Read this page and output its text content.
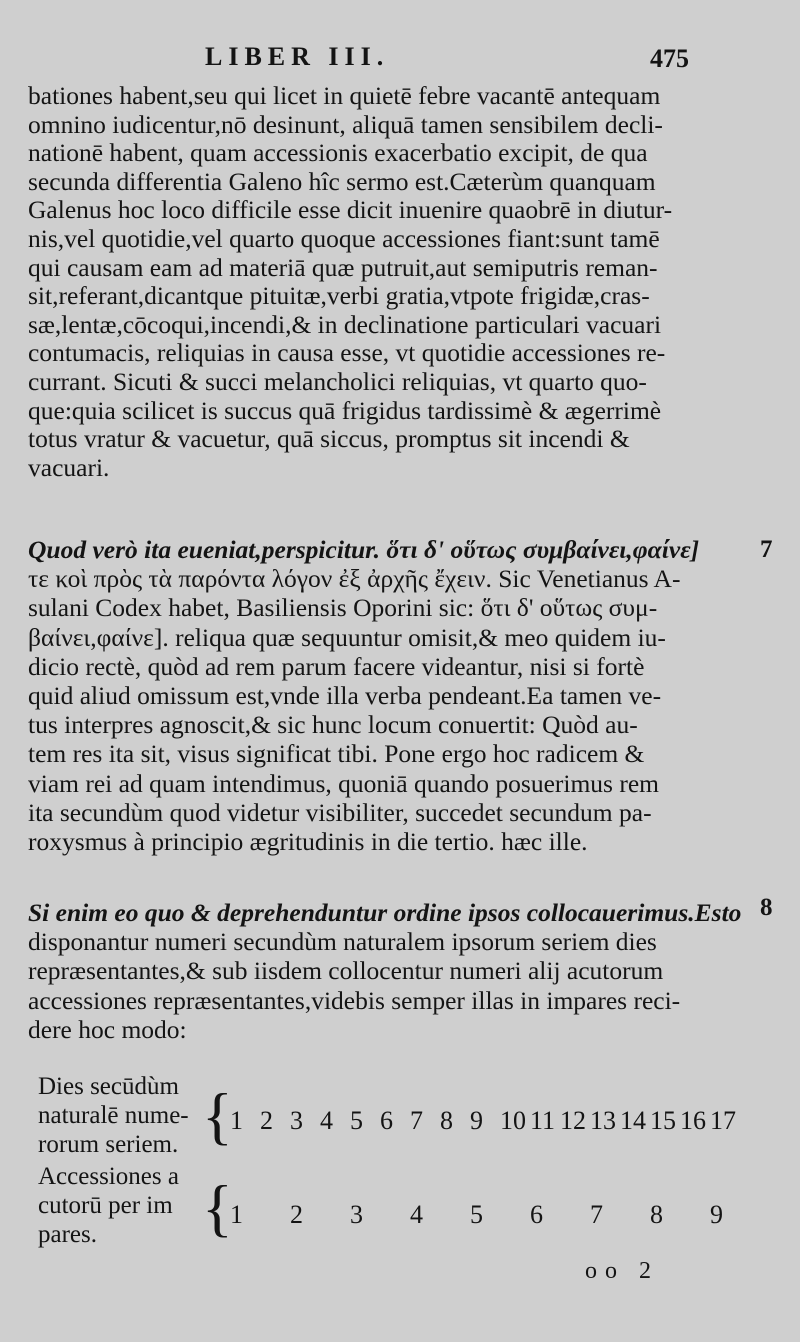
LIBER III.	475
bationes habent,seu qui licet in quietē febre vacantē antequam
omnino iudicentur,nō desinunt, aliquā tamen sensibilem decli-
nationē habent, quam accessionis exacerbatio excipit, de qua
secunda differentia Galeno hîc sermo est.Cæterùm quanquam
Galenus hoc loco difficile esse dicit inuenire quaobrē in diutur-
nis,vel quotidie,vel quarto quoque accessiones fiant:sunt tamē
qui causam eam ad materiā quæ putruit,aut semiputris reman-
sit,referant,dicantque pituitæ,verbi gratia,vtpote frigidæ,cras-
sæ,lentæ,cōcoqui,incendi,& in declinatione particulari vacuari
contumacis, reliquias in causa esse, vt quotidie accessiones re-
currant. Sicuti & succi melancholici reliquias, vt quarto quo-
que:quia scilicet is succus quā frigidus tardissimè & ægerrimè
totus vratur & vacuetur, quā siccus, promptus sit incendi &
vacuari.
Quod verò ita eueniat,perspicitur. ὅτι δ' οὕτως συμβαίνει,φαίνε]
τε κοὶ πρὸς τὰ παρόντα λόγον ἐξ ἀρχῆς ἔχειν. Sic Venetianus A-
sulani Codex habet, Basiliensis Oporini sic: ὅτι δ' οὕτως συμ-
βαίνει,φαίνε]. reliqua quæ sequuntur omisit,& meo quidem iu-
dicio rectè, quòd ad rem parum facere videantur, nisi si fortè
quid aliud omissum est,vnde illa verba pendeant.Ea tamen ve-
tus interpres agnoscit,& sic hunc locum conuertit: Quòd au-
tem res ita sit, visus significat tibi. Pone ergo hoc radicem &
viam rei ad quam intendimus, quoniā quando posuerimus rem
ita secundùm quod videtur visibiliter, succedet secundum pa-
roxysmus à principio ægritudinis in die tertio. hæc ille.
7
Si enim eo quo & deprehenduntur ordine ipsos collocauerimus.Esto
disponantur numeri secundùm naturalem ipsorum seriem dies
repræsentantes,& sub iisdem collocentur numeri alij acutorum
accessiones repræsentantes,videbis semper illas in impares reci-
dere hoc modo:
8
Dies secūdùm
naturalē nume-
rorum seriem. {
1 2 3 4 5 6 7 8 9 10 11 12 13 14 15 16 17
Accessiones a
cutorū per im
pares.	{
1 2 3 4 5 6 7 8 9
oo 2
